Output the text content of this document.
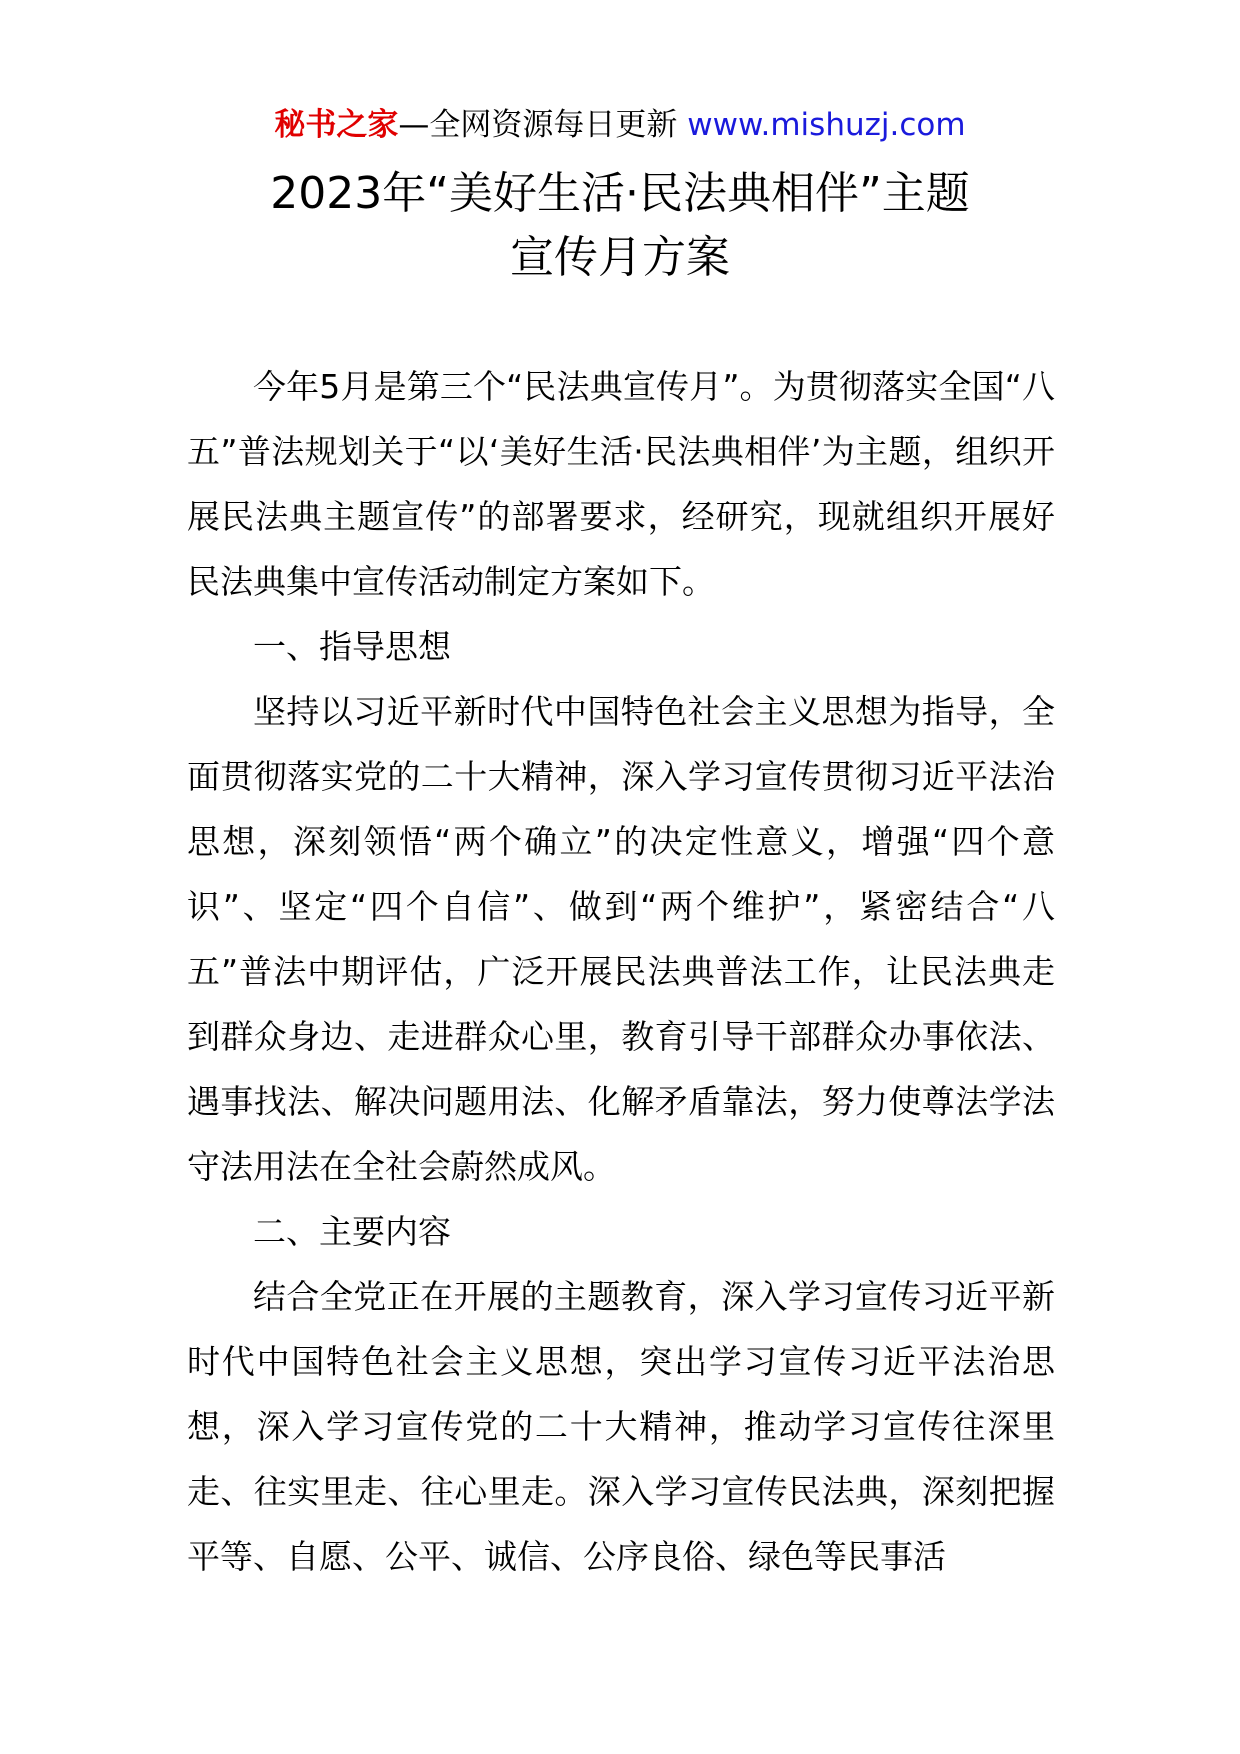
秘书之家—全网资源每日更新 www.mishuzj.com
2023年“美好生活·民法典相伴”主题
宣传月方案

今年5月是第三个“民法典宣传月”。为贯彻落实全国“八五”普法规划关于“以‘美好生活·民法典相伴’为主题，组织开展民法典主题宣传”的部署要求，经研究，现就组织开展好民法典集中宣传活动制定方案如下。

一、指导思想

坚持以习近平新时代中国特色社会主义思想为指导，全面贯彻落实党的二十大精神，深入学习宣传贯彻习近平法治思想，深刻领悟“两个确立”的决定性意义，增强“四个意识”、坚定“四个自信”、做到“两个维护”，紧密结合“八五”普法中期评估，广泛开展民法典普法工作，让民法典走到群众身边、走进群众心里，教育引导干部群众办事依法、遇事找法、解决问题用法、化解矛盾靠法，努力使尊法学法守法用法在全社会蔚然成风。

二、主要内容

结合全党正在开展的主题教育，深入学习宣传习近平新时代中国特色社会主义思想，突出学习宣传习近平法治思想，深入学习宣传党的二十大精神，推动学习宣传往深里走、往实里走、往心里走。深入学习宣传民法典，深刻把握平等、自愿、公平、诚信、公序良俗、绿色等民事活
